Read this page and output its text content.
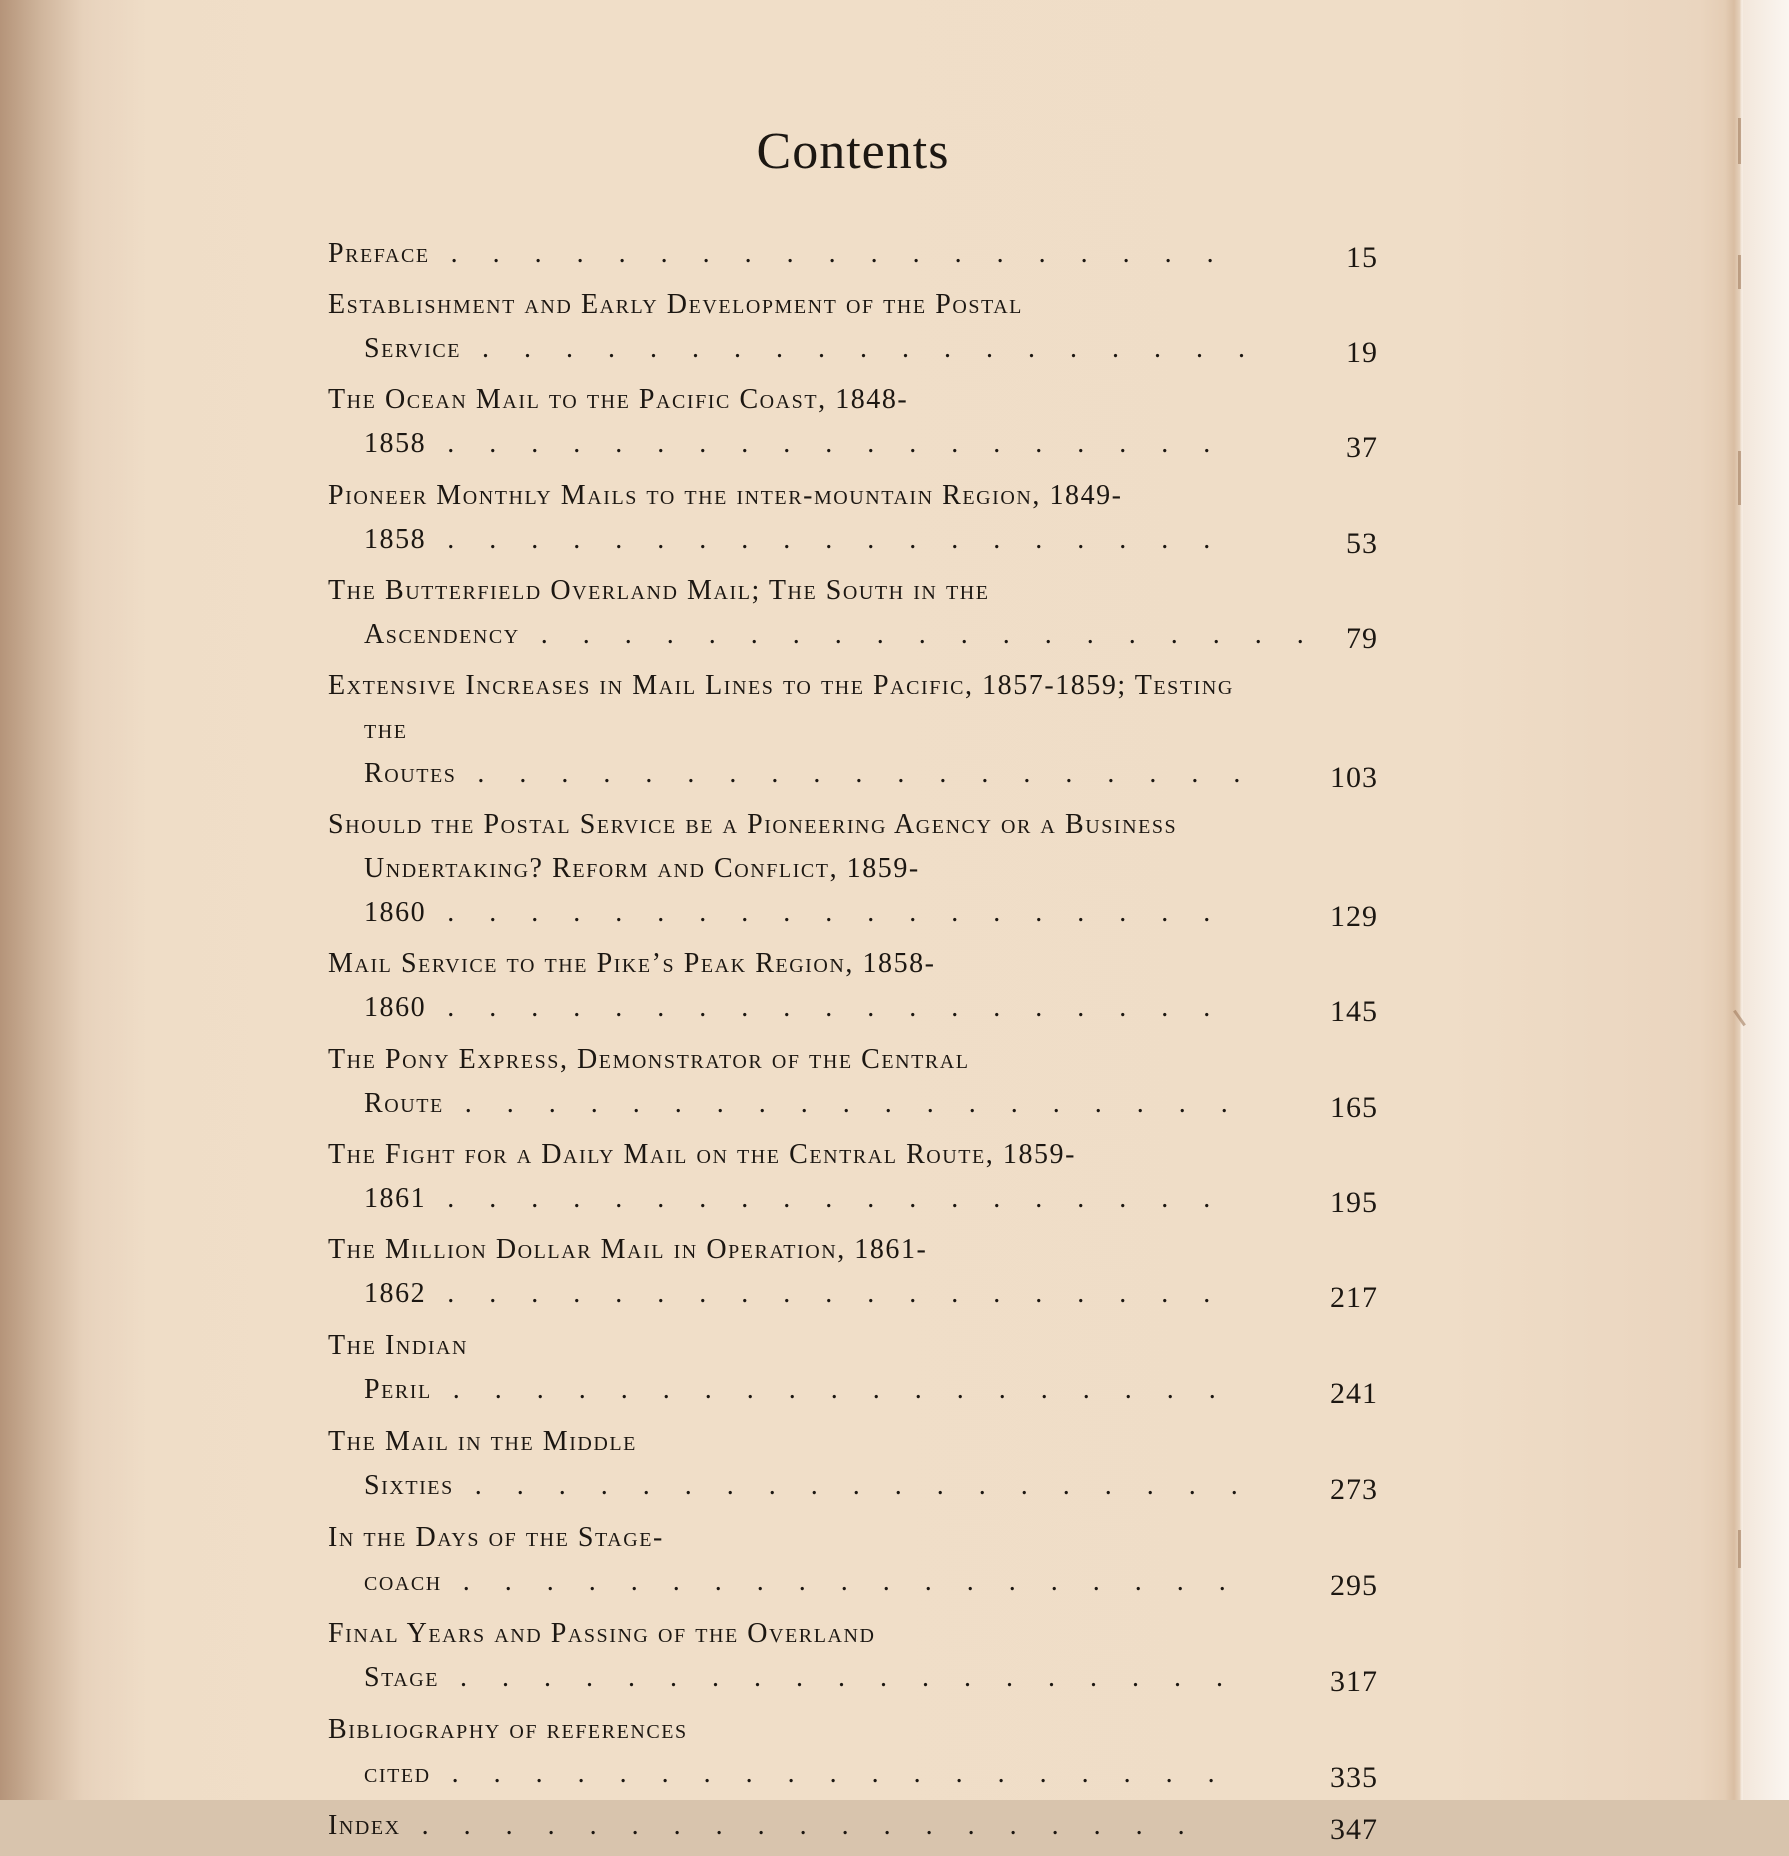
Contents
Preface . . .	15
Establishment and Early Development of the Postal Service . . .	19
The Ocean Mail to the Pacific Coast, 1848-1858 . . .	37
Pioneer Monthly Mails to the inter-mountain Region, 1849-1858 . . .	53
The Butterfield Overland Mail; The South in the Ascendency . . .	79
Extensive Increases in Mail Lines to the Pacific, 1857-1859; Testing the Routes . . .	103
Should the Postal Service be a Pioneering Agency or a Business Undertaking? Reform and Conflict, 1859-1860 . . .	129
Mail Service to the Pike’s Peak Region, 1858-1860 . . .	145
The Pony Express, Demonstrator of the Central Route . . .	165
The Fight for a Daily Mail on the Central Route, 1859-1861 . . .	195
The Million Dollar Mail in Operation, 1861-1862 . . .	217
The Indian Peril . . .	241
The Mail in the Middle Sixties . . .	273
In the Days of the Stage-coach . . .	295
Final Years and Passing of the Overland Stage . . .	317
Bibliography of references cited . . .	335
Index . . .	347
